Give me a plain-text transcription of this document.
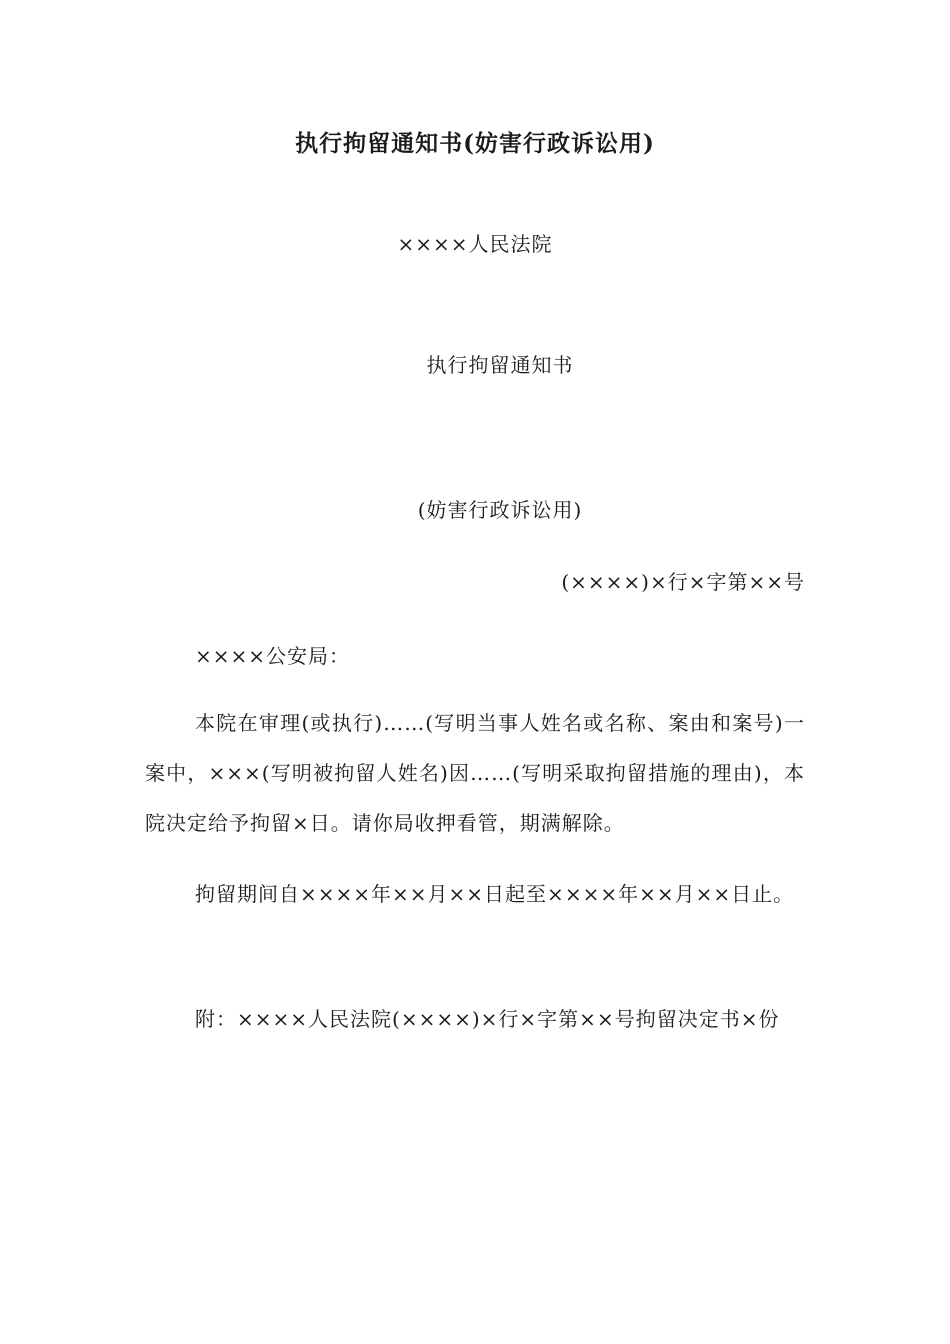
执行拘留通知书(妨害行政诉讼用)
××××人民法院
执行拘留通知书
(妨害行政诉讼用)
(××××)×行×字第××号
××××公安局：

本院在审理(或执行)……(写明当事人姓名或名称、案由和案号)一案中，×××(写明被拘留人姓名)因……(写明采取拘留措施的理由)，本院决定给予拘留×日。请你局收押看管，期满解除。

拘留期间自××××年××月××日起至××××年××月××日止。

附：××××人民法院(××××)×行×字第××号拘留决定书×份
